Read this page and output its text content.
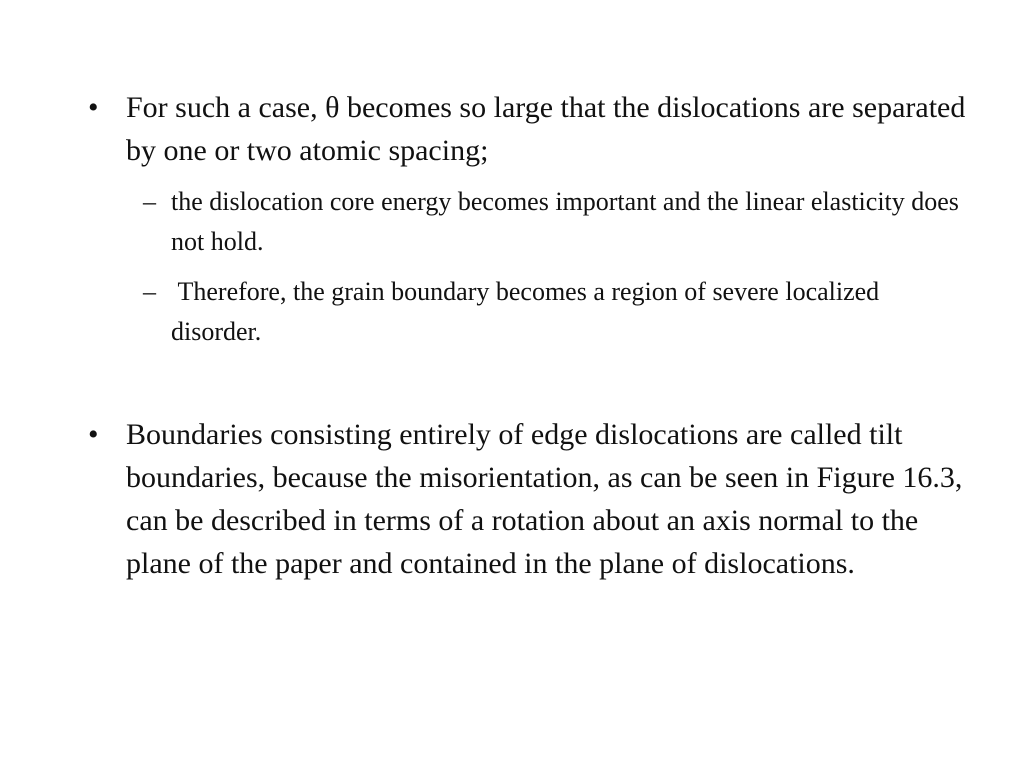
• For such a case, θ becomes so large that the dislocations are separated by one or two atomic spacing;
– the dislocation core energy becomes important and the linear elasticity does not hold.
– Therefore, the grain boundary becomes a region of severe localized disorder.
• Boundaries consisting entirely of edge dislocations are called tilt boundaries, because the misorientation, as can be seen in Figure 16.3, can be described in terms of a rotation about an axis normal to the plane of the paper and contained in the plane of dislocations.
